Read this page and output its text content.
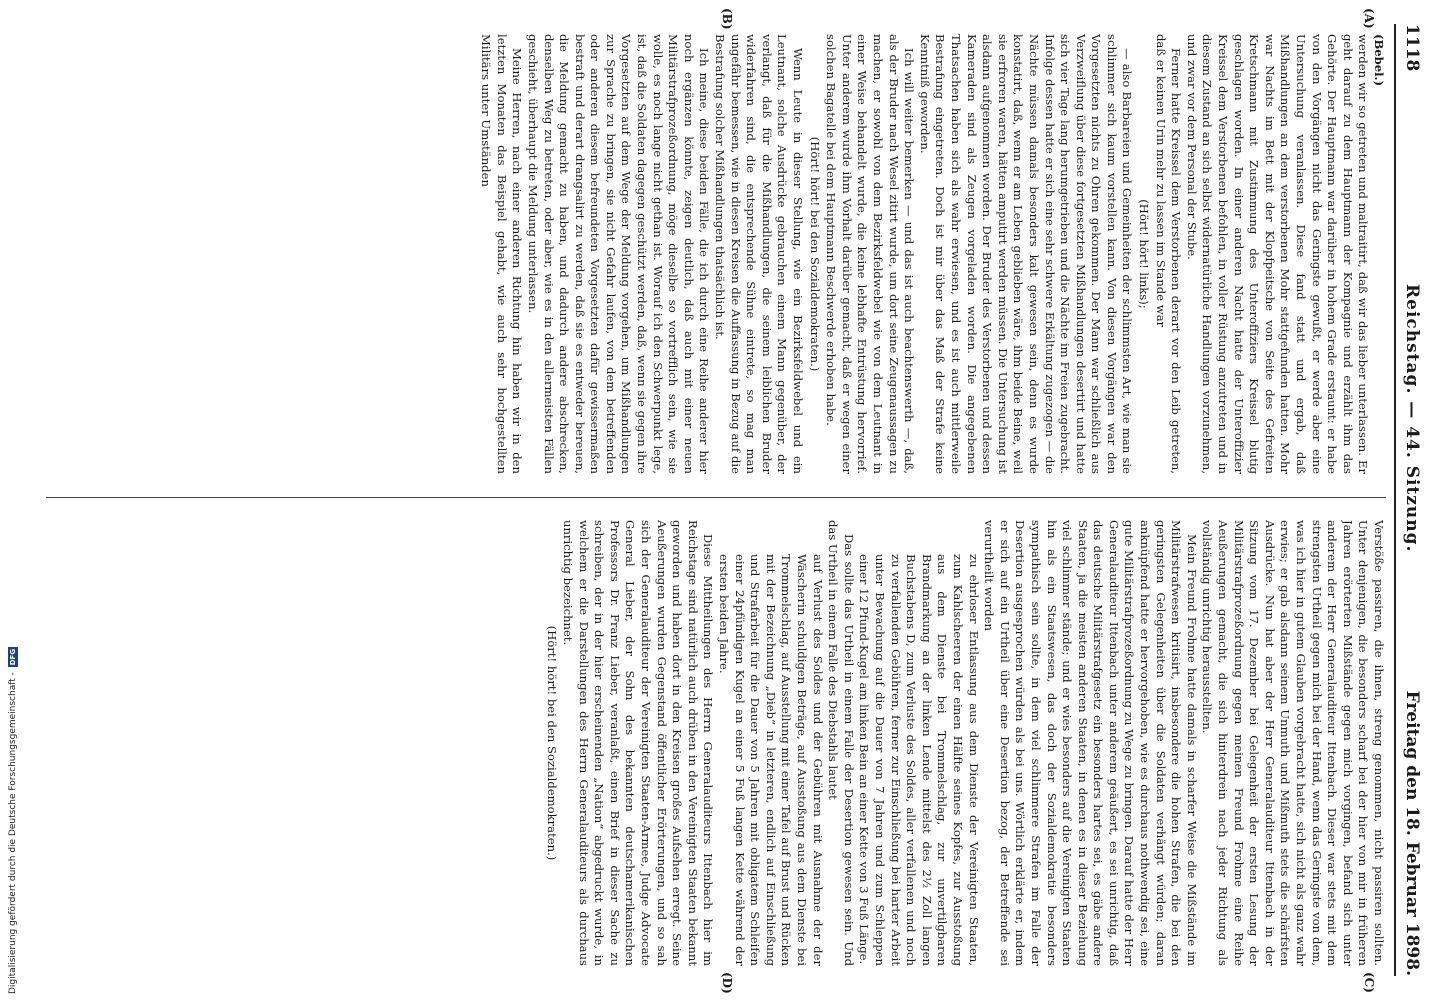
Digitalisierung gefördert durch die Deutsche Forschungsgemeinschaft - DFG
1118
Reichstag. — 44. Sitzung.
Freitag den 18. Februar 1898.
(A)
(B)
(C)
(D)

(Bebel.)

werden wir so getreten und maltraitirt, daß wir das lieber unterlassen. Er geht darauf zu dem Hauptmann der Kompagnie und erzählt ihm das Gehörte. Der Hauptmann war darüber in hohem Grade erstaunt: er habe von den Vorgängen nicht das Geringste gewußt, er werde aber eine Untersuchung veranlassen. Diese fand statt und ergab, daß Mißhandlungen an dem verstorbenen Mohr stattgefunden hatten. Mohr war Nachts im Bett mit der Klopfpeitsche von Seite des Gefreiten Kretschmann mit Zustimmung des Unteroffiziers Kreissel blutig geschlagen worden. In einer anderen Nacht hatte der Unteroffizier Kreissel dem Verstorbenen befohlen, in voller Rüstung anzutreten und in diesem Zustand an sich selbst widernatürliche Handlungen vorzunehmen, und zwar vor dem Personal der Stube.

Ferner hatte Kreissel dem Verstorbenen derart vor den Leib getreten, daß er keinen Urin mehr zu lassen im Stande war

(Hört! hört! links);

— also Barbareien und Gemeinheiten der schlimmsten Art, wie man sie schlimmer sich kaum vorstellen kann. Von diesen Vorgängen war den Vorgesetzten nichts zu Ohren gekommen. Der Mann war schließlich aus Verzweiflung über diese fortgesetzten Mißhandlungen desertirt und hatte sich vier Tage lang herumgetrieben und die Nächte im Freien zugebracht. Infolge dessen hatte er sich eine sehr schwere Erkältung zugezogen — die Nächte müssen damals besonders kalt gewesen sein, denn es wurde konstatirt, daß, wenn er am Leben geblieben wäre, ihm beide Beine, weil sie erfroren waren, hätten amputirt werden müssen. Die Untersuchung ist alsdann aufgenommen worden. Der Bruder des Verstorbenen und dessen Kameraden sind als Zeugen vorgeladen worden. Die angegebenen Thatsachen haben sich als wahr erwiesen, und es ist auch mittlerweile Bestrafung eingetreten. Doch ist mir über das Maß der Strafe keine Kenntniß geworden.

Ich will weiter bemerken — und das ist auch beachtenswerth —, daß, als der Bruder nach Wesel zitirt wurde, um dort seine Zeugenaussagen zu machen, er sowohl von dem Bezirksfeldwebel wie von dem Leutnant in einer Weise behandelt wurde, die keine lebhafte Entrüstung hervorrief. Unter anderem wurde ihm Vorhalt darüber gemacht, daß er wegen einer solchen Bagatelle bei dem Hauptmann Beschwerde erhoben habe.

(Hört! hört! bei den Sozialdemokraten.)

Wenn Leute in dieser Stellung, wie ein Bezirksfeldwebel und ein Leutnant, solche Ausdrücke gebrauchen einem Mann gegenüber, der verlangt, daß für die Mißhandlungen, die seinem leiblichen Bruder widerfahren sind, die entsprechende Sühne eintrete, so mag man ungefähr bemessen, wie in diesen Kreisen die Auffassung in Bezug auf die Bestrafung solcher Mißhandlungen thatsächlich ist.

Ich meine, diese beiden Fälle, die ich durch eine Reihe anderer hier noch ergänzen könnte, zeigen deutlich, daß auch mit einer neuen Militärstrafprozeßordnung, möge dieselbe so vortrefflich sein, wie sie wolle, es noch lange nicht gethan ist. Worauf ich den Schwerpunkt lege, ist, daß die Soldaten dagegen geschützt werden, daß, wenn sie gegen ihre Vorgesetzten auf dem Wege der Meldung vorgehen, um Mißhandlungen zur Sprache zu bringen, sie nicht Gefahr laufen, von dem betreffenden oder anderen diesem befreundeten Vorgesetzten dafür gewissermaßen bestraft und derart drangsalirt zu werden, daß sie es entweder bereuen, die Meldung gemacht zu haben, und dadurch andere abschrecken, denselben Weg zu betreten, oder aber, wie es in den allermeisten Fällen geschieht, überhaupt die Meldung unterlassen.

Meine Herren, nach einer anderen Richtung hin haben wir in den letzten Monaten das Beispiel gehabt, wie auch sehr hochgestellten Militärs unter Umständen

Verstöße passiren, die ihnen, streng genommen, nicht passiren sollten. Unter denjenigen, die besonders scharf bei der hier von mir in früheren Jahren erörterten Mißstände gegen mich vorgingen, befand sich unter anderem der Herr Generalauditeur Ittenbach. Dieser war stets mit dem strengsten Urtheil gegen mich bei der Hand, wenn das Geringste von dem, was ich hier in gutem Glauben vorgebracht hatte, sich nicht als ganz wahr erwies; er gab alsdann seinem Unmuth und Mißmuth stets die schärfsten Ausdrücke. Nun hat aber der Herr Generalauditeur Ittenbach in der Sitzung vom 17. Dezember bei Gelegenheit der ersten Lesung der Militärstrafprozeßordnung gegen meinen Freund Frohme eine Reihe Aeußerungen gemacht, die sich hinterdrein nach jeder Richtung als vollständig unrichtig herausstellten.

Mein Freund Frohme hatte damals in scharfer Weise die Mißstände im Militärstrafwesen kritisirt, insbesondere die hohen Strafen, die bei den geringsten Gelegenheiten über die Soldaten verhängt würden; daran anknüpfend hatte er hervorgehoben, wie es durchaus nothwendig sei, eine gute Militärstrafprozeßordnung zu Wege zu bringen. Darauf hatte der Herr Generalauditeur Ittenbach unter anderem geäußert, es sei unrichtig, daß das deutsche Militärstrafgesetz ein besonders hartes sei, es gäbe andere Staaten, ja die meisten anderen Staaten, in denen es in dieser Beziehung viel schlimmer stände; und er wies besonders auf die Vereinigten Staaten hin als ein Staatswesen, das doch der Sozialdemokratie besonders sympathisch sein sollte, in dem viel schlimmere Strafen im Falle der Desertion ausgesprochen würden als bei uns. Wörtlich erklärte er, indem er sich auf ein Urtheil über eine Desertion bezog, der Betreffende sei verurtheilt worden

zu ehrloser Entlassung aus dem Dienste der Vereinigten Staaten, zum Kahlscheeren der einen Hälfte seines Kopfes, zur Ausstoßung aus dem Dienste bei Trommelschlag, zur unvertilgbaren Brandmarkung an der linken Lende mittelst des 2½ Zoll langen Buchstabens D, zum Verluste des Soldes, aller verfallenen und noch zu verfallenden Gebühren, ferner zur Einschließung bei harter Arbeit unter Bewachung auf die Dauer von 7 Jahren und zum Schleppen einer 12 Pfund-Kugel am linken Bein an einer Kette von 3 Fuß Länge.

Das sollte das Urtheil in einem Falle der Desertion gewesen sein. Und das Urtheil in einem Falle des Diebstahls lautet

auf Verlust des Soldes und der Gebühren mit Ausnahme der der Wäscherin schuldigen Beträge, auf Ausstoßung aus dem Dienste bei Trommelschlag, auf Ausstellung mit einer Tafel auf Brust und Rücken mit der Bezeichnung „Dieb“ in letzteren, endlich auf Einschließung und Strafarbeit für die Dauer von 5 Jahren mit obligatem Schleifen einer 24pfündigen Kugel an einer 5 Fuß langen Kette während der ersten beiden Jahre.

Diese Mittheilungen des Herrn Generalauditeurs Ittenbach hier im Reichstage sind natürlich auch drüben in den Vereinigten Staaten bekannt geworden und haben dort in den Kreisen großes Aufsehen erregt. Seine Aeußerungen wurden Gegenstand öffentlicher Erörterungen, und so sah sich der Generalauditeur der Vereinigten Staaten-Armee, Judge Advocate General Lieber, der Sohn des bekannten deutschamerikanischen Professors Dr. Franz Lieber, veranlaßt, einen Brief in dieser Sache zu schreiben, der in der hier erscheinenden „Nation“ abgedruckt wurde, in welchem er die Darstellungen des Herrn Generalauditeurs als durchaus unrichtig bezeichnet.

(Hört! hört! bei den Sozialdemokraten.)
